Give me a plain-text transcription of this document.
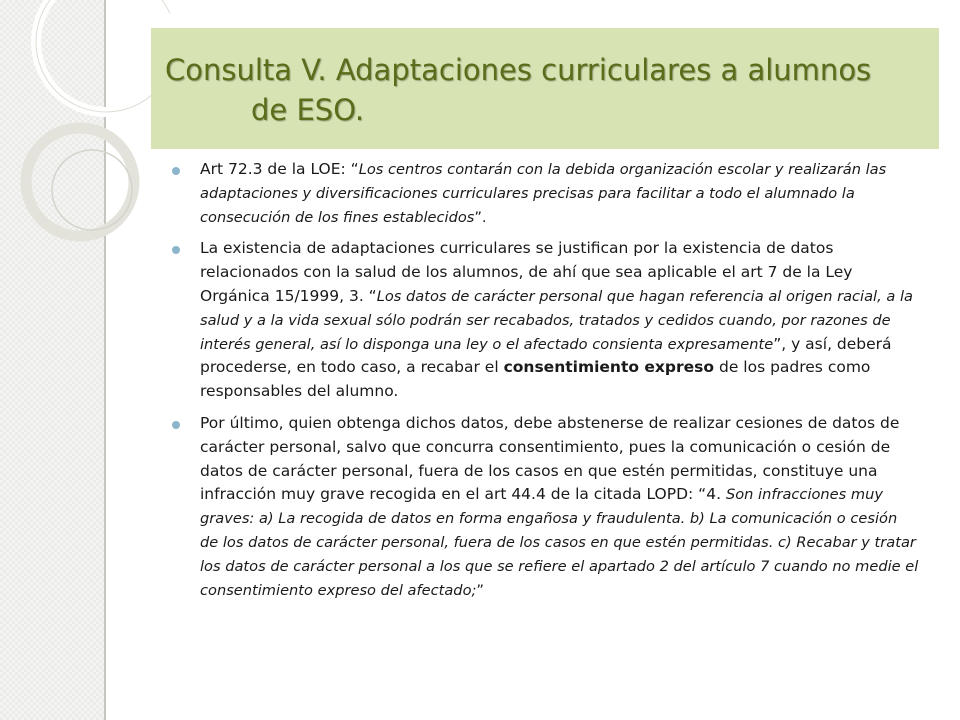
Consulta V. Adaptaciones curriculares a alumnos
de ESO.
Art 72.3 de la LOE: “Los centros contarán con la debida organización escolar y realizarán las adaptaciones y diversificaciones curriculares precisas para facilitar a todo el alumnado la consecución de los fines establecidos”.
La existencia de adaptaciones curriculares se justifican por la existencia de datos relacionados con la salud de los alumnos, de ahí que sea aplicable el art 7 de la Ley Orgánica 15/1999, 3. “Los datos de carácter personal que hagan referencia al origen racial, a la salud y a la vida sexual sólo podrán ser recabados, tratados y cedidos cuando, por razones de interés general, así lo disponga una ley o el afectado consienta expresamente”, y así, deberá procederse, en todo caso, a recabar el consentimiento expreso de los padres como responsables del alumno.
Por último, quien obtenga dichos datos, debe abstenerse de realizar cesiones de datos de carácter personal, salvo que concurra consentimiento, pues la comunicación o cesión de datos de carácter personal, fuera de los casos en que estén permitidas, constituye una infracción muy grave recogida en el art 44.4 de la citada LOPD: “4. Son infracciones muy graves: a) La recogida de datos en forma engañosa y fraudulenta. b) La comunicación o cesión de los datos de carácter personal, fuera de los casos en que estén permitidas. c) Recabar y tratar los datos de carácter personal a los que se refiere el apartado 2 del artículo 7 cuando no medie el consentimiento expreso del afectado;”
